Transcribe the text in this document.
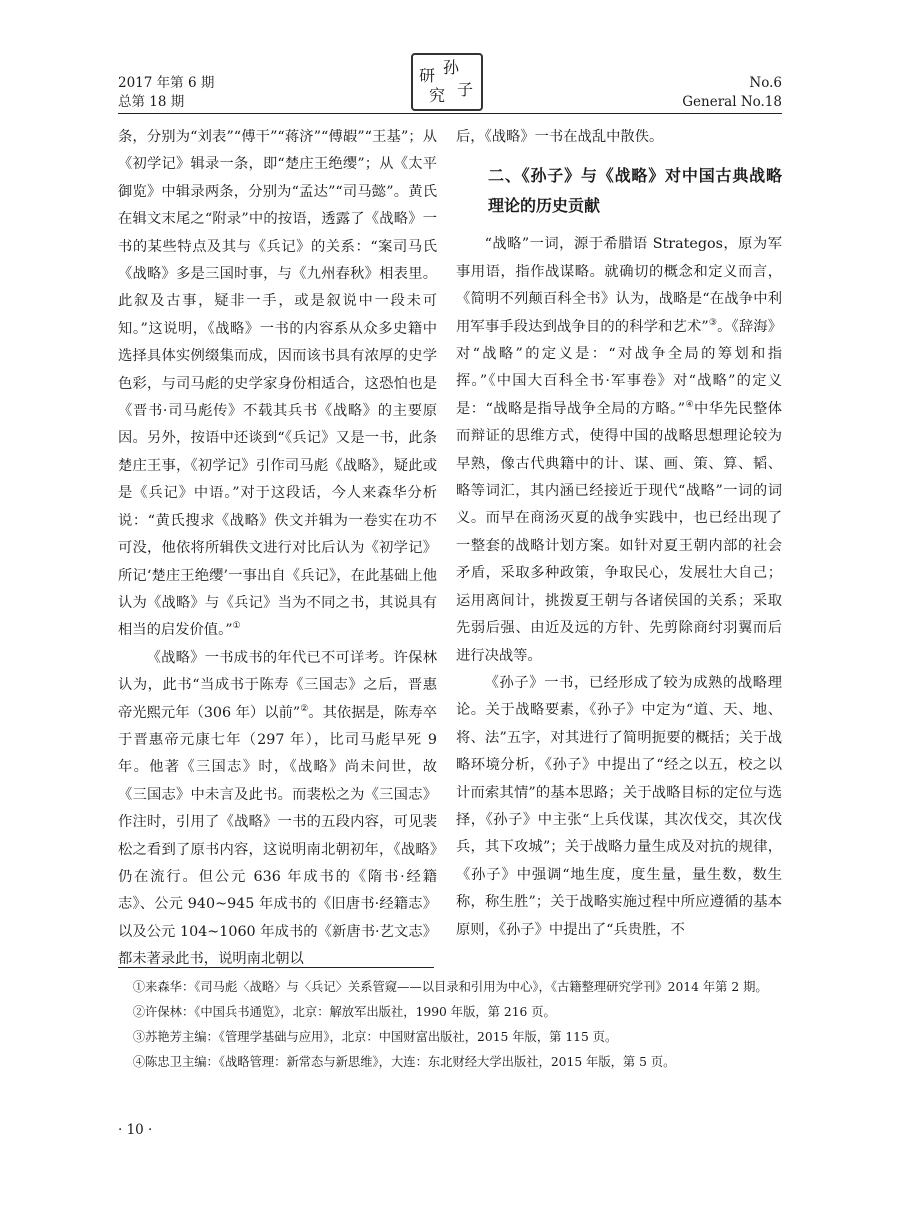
2017 年第 6 期
总第 18 期
孙
子
研
究
No.6
General No.18

条，分别为“刘表”“傅干”“蒋济”“傅嘏”“王基”；从《初学记》辑录一条，即“楚庄王绝缨”；从《太平御览》中辑录两条，分别为“孟达”“司马懿”。黄氏在辑文末尾之“附录”中的按语，透露了《战略》一书的某些特点及其与《兵记》的关系：“案司马氏《战略》多是三国时事，与《九州春秋》相表里。此叙及古事，疑非一手，或是叙说中一段未可知。”这说明，《战略》一书的内容系从众多史籍中选择具体实例缀集而成，因而该书具有浓厚的史学色彩，与司马彪的史学家身份相适合，这恐怕也是《晋书·司马彪传》不载其兵书《战略》的主要原因。另外，按语中还谈到“《兵记》又是一书，此条楚庄王事，《初学记》引作司马彪《战略》，疑此或是《兵记》中语。”对于这段话，今人来森华分析说：“黄氏搜求《战略》佚文并辑为一卷实在功不可没，他依将所辑佚文进行对比后认为《初学记》所记‘楚庄王绝缨’一事出自《兵记》，在此基础上他认为《战略》与《兵记》当为不同之书，其说具有相当的启发价值。”①

《战略》一书成书的年代已不可详考。许保林认为，此书“当成书于陈寿《三国志》之后，晋惠帝光熙元年（306 年）以前”②。其依据是，陈寿卒于晋惠帝元康七年（297 年），比司马彪早死 9 年。他著《三国志》时，《战略》尚未问世，故《三国志》中未言及此书。而裴松之为《三国志》作注时，引用了《战略》一书的五段内容，可见裴松之看到了原书内容，这说明南北朝初年，《战略》仍在流行。但公元 636 年成书的《隋书·经籍志》、公元 940~945 年成书的《旧唐书·经籍志》以及公元 104~1060 年成书的《新唐书·艺文志》都未著录此书，说明南北朝以

后，《战略》一书在战乱中散佚。

二、《孙子》与《战略》对中国古典战略理论的历史贡献

“战略”一词，源于希腊语 Strategos，原为军事用语，指作战谋略。就确切的概念和定义而言，《简明不列颠百科全书》认为，战略是“在战争中利用军事手段达到战争目的的科学和艺术”③。《辞海》对“战略”的定义是：“对战争全局的筹划和指挥。”《中国大百科全书·军事卷》对“战略”的定义是：“战略是指导战争全局的方略。”④中华先民整体而辩证的思维方式，使得中国的战略思想理论较为早熟，像古代典籍中的计、谋、画、策、算、韬、略等词汇，其内涵已经接近于现代“战略”一词的词义。而早在商汤灭夏的战争实践中，也已经出现了一整套的战略计划方案。如针对夏王朝内部的社会矛盾，采取多种政策，争取民心，发展壮大自己；运用离间计，挑拨夏王朝与各诸侯国的关系；采取先弱后强、由近及远的方针、先剪除商纣羽翼而后进行决战等。

《孙子》一书，已经形成了较为成熟的战略理论。关于战略要素，《孙子》中定为“道、天、地、将、法”五字，对其进行了简明扼要的概括；关于战略环境分析，《孙子》中提出了“经之以五，校之以计而索其情”的基本思路；关于战略目标的定位与选择，《孙子》中主张“上兵伐谋，其次伐交，其次伐兵，其下攻城”；关于战略力量生成及对抗的规律，《孙子》中强调“地生度，度生量，量生数，数生称，称生胜”；关于战略实施过程中所应遵循的基本原则，《孙子》中提出了“兵贵胜，不

①来森华：《司马彪〈战略〉与〈兵记〉关系管窥——以目录和引用为中心》，《古籍整理研究学刊》2014 年第 2 期。

②许保林：《中国兵书通览》，北京：解放军出版社，1990 年版，第 216 页。

③苏艳芳主编：《管理学基础与应用》，北京：中国财富出版社，2015 年版，第 115 页。

④陈忠卫主编：《战略管理：新常态与新思维》，大连：东北财经大学出版社，2015 年版，第 5 页。

· 10 ·
